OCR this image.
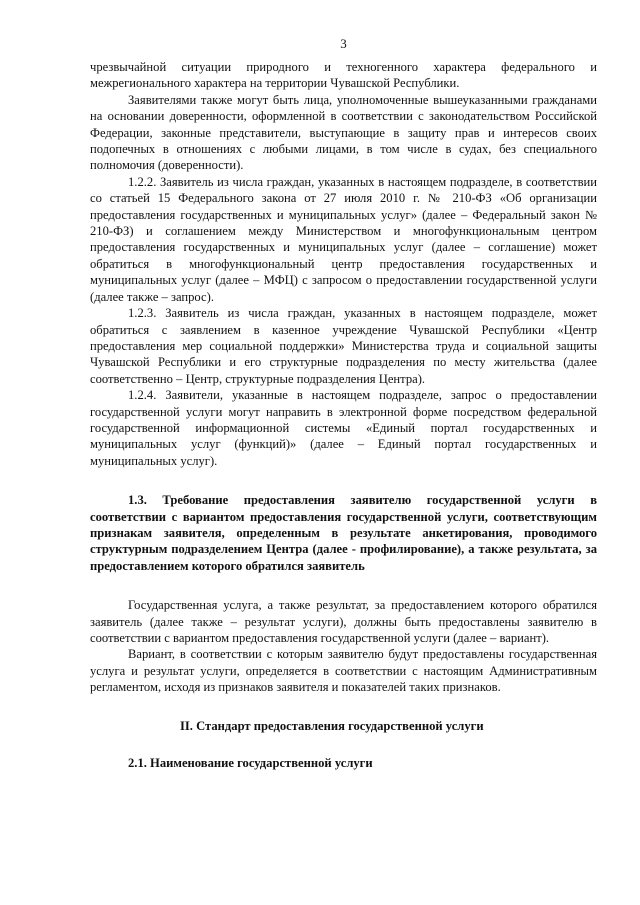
3

чрезвычайной ситуации природного и техногенного характера федерального и межрегионального характера на территории Чувашской Республики.

Заявителями также могут быть лица, уполномоченные вышеуказанными гражданами на основании доверенности, оформленной в соответствии с законодательством Российской Федерации, законные представители, выступающие в защиту прав и интересов своих подопечных в отношениях с любыми лицами, в том числе в судах, без специального полномочия (доверенности).

1.2.2. Заявитель из числа граждан, указанных в настоящем подразделе, в соответствии со статьей 15 Федерального закона от 27 июля 2010 г. № 210-ФЗ «Об организации предоставления государственных и муниципальных услуг» (далее – Федеральный закон № 210-ФЗ) и соглашением между Министерством и многофункциональным центром предоставления государственных и муниципальных услуг (далее – соглашение) может обратиться в многофункциональный центр предоставления государственных и муниципальных услуг (далее – МФЦ) с запросом о предоставлении государственной услуги (далее также – запрос).

1.2.3. Заявитель из числа граждан, указанных в настоящем подразделе, может обратиться с заявлением в казенное учреждение Чувашской Республики «Центр предоставления мер социальной поддержки» Министерства труда и социальной защиты Чувашской Республики и его структурные подразделения по месту жительства (далее соответственно – Центр, структурные подразделения Центра).

1.2.4. Заявители, указанные в настоящем подразделе, запрос о предоставлении государственной услуги могут направить в электронной форме посредством федеральной государственной информационной системы «Единый портал государственных и муниципальных услуг (функций)» (далее – Единый портал государственных и муниципальных услуг).

1.3. Требование предоставления заявителю государственной услуги в соответствии с вариантом предоставления государственной услуги, соответствующим признакам заявителя, определенным в результате анкетирования, проводимого структурным подразделением Центра (далее - профилирование), а также результата, за предоставлением которого обратился заявитель

Государственная услуга, а также результат, за предоставлением которого обратился заявитель (далее также – результат услуги), должны быть предоставлены заявителю в соответствии с вариантом предоставления государственной услуги (далее – вариант).

Вариант, в соответствии с которым заявителю будут предоставлены государственная услуга и результат услуги, определяется в соответствии с настоящим Административным регламентом, исходя из признаков заявителя и показателей таких признаков.

II. Стандарт предоставления государственной услуги

2.1. Наименование государственной услуги
